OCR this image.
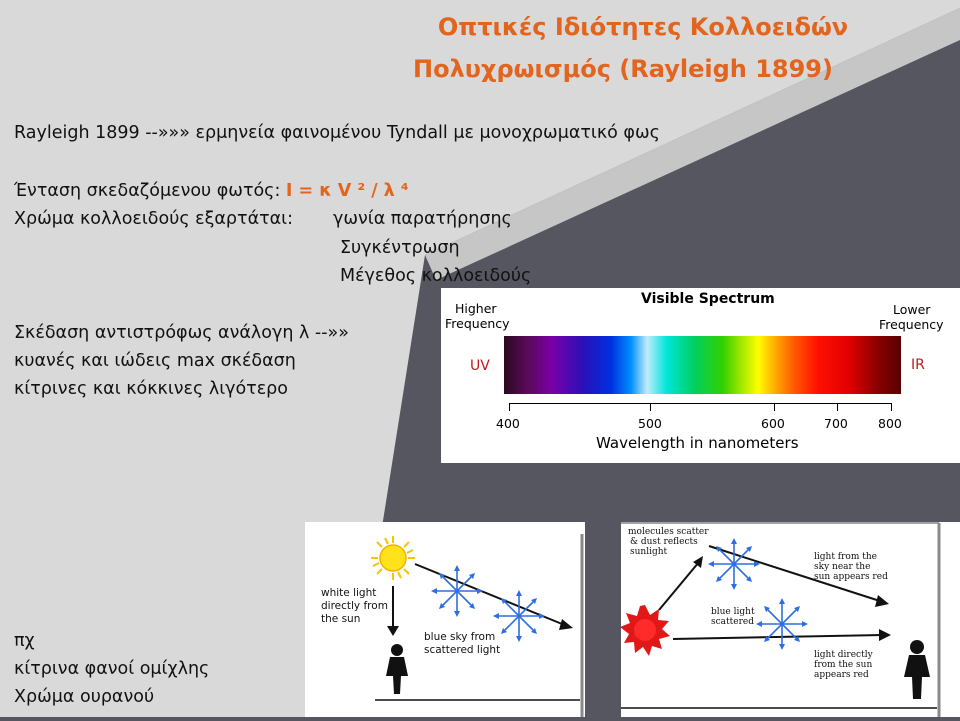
Οπτικές Ιδιότητες Κολλοειδών
Πολυχρωισμός (Rayleigh 1899)
Rayleigh 1899 --»»» ερμηνεία φαινομένου Tyndall με μονοχρωματικό φως
Ένταση σκεδαζόμενου φωτός: I = κ V ² / λ ⁴
Χρώμα κολλοειδούς εξαρτάται: γωνία παρατήρησης
Συγκέντρωση
Μέγεθος κολλοειδούς
Σκέδαση αντιστρόφως ανάλογη λ --»»
κυανές και ιώδεις max σκέδαση
κίτρινες και κόκκινες λιγότερο
πχ
κίτρινα φανοί ομίχλης
Χρώμα ουρανού
Visible Spectrum
Higher
Frequency
Lower
Frequency
UV	IR
400	500	600	700 800
Wavelength in nanometers
white light
directly from
the sun
blue sky from
scattered light
molecules scatter
& dust reflects
sunlight
blue light
scattered
light from the
sky near the
sun appears red
light directly
from the sun
appears red
